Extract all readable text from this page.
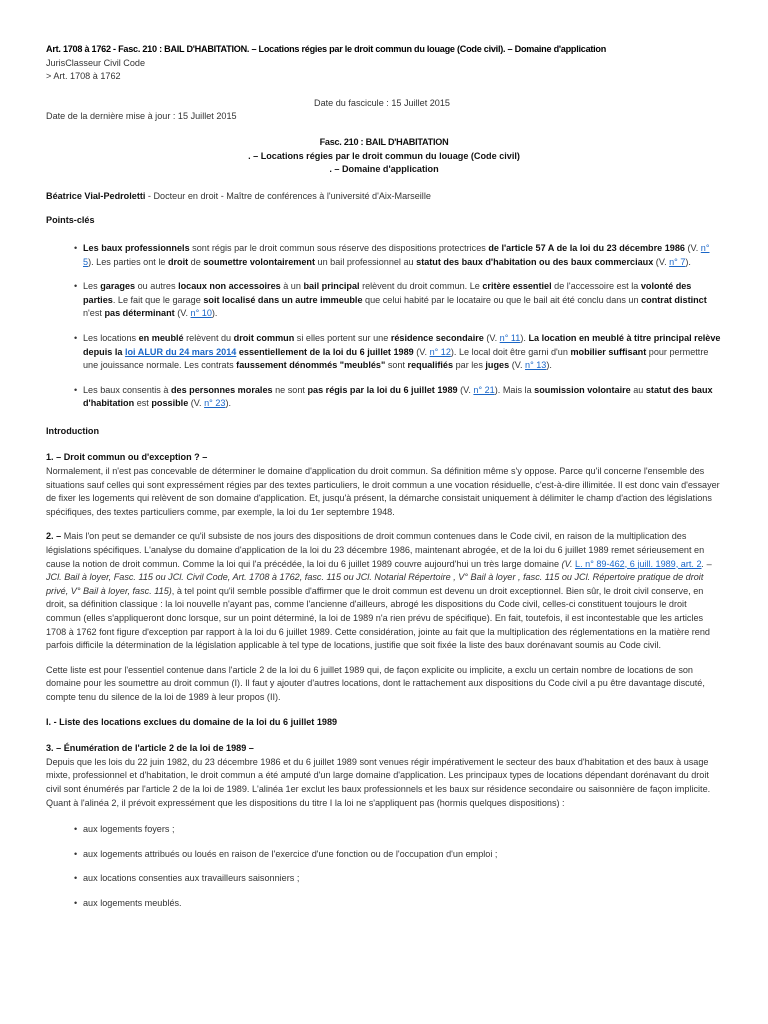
Art. 1708 à 1762 - Fasc. 210 : BAIL D'HABITATION. – Locations régies par le droit commun du louage (Code civil). – Domaine d'application
JurisClasseur Civil Code
> Art. 1708 à 1762
Date du fascicule : 15 Juillet 2015
Date de la dernière mise à jour : 15 Juillet 2015
Fasc. 210 : BAIL D'HABITATION
. – Locations régies par le droit commun du louage (Code civil)
. – Domaine d'application
Béatrice Vial-Pedroletti - Docteur en droit - Maître de conférences à l'université d'Aix-Marseille
Points-clés
• Les baux professionnels sont régis par le droit commun sous réserve des dispositions protectrices de l'article 57 A de la loi du 23 décembre 1986 (V. n° 5). Les parties ont le droit de soumettre volontairement un bail professionnel au statut des baux d'habitation ou des baux commerciaux (V. n° 7).
• Les garages ou autres locaux non accessoires à un bail principal relèvent du droit commun. Le critère essentiel de l'accessoire est la volonté des parties. Le fait que le garage soit localisé dans un autre immeuble que celui habité par le locataire ou que le bail ait été conclu dans un contrat distinct n'est pas déterminant (V. n° 10).
• Les locations en meublé relèvent du droit commun si elles portent sur une résidence secondaire (V. n° 11). La location en meublé à titre principal relève depuis la loi ALUR du 24 mars 2014 essentiellement de la loi du 6 juillet 1989 (V. n° 12). Le local doit être garni d'un mobilier suffisant pour permettre une jouissance normale. Les contrats faussement dénommés "meublés" sont requalifiés par les juges (V. n° 13).
• Les baux consentis à des personnes morales ne sont pas régis par la loi du 6 juillet 1989 (V. n° 21). Mais la soumission volontaire au statut des baux d'habitation est possible (V. n° 23).
Introduction
1. – Droit commun ou d'exception ? –

Normalement, il n'est pas concevable de déterminer le domaine d'application du droit commun. Sa définition même s'y oppose. Parce qu'il concerne l'ensemble des situations sauf celles qui sont expressément régies par des textes particuliers, le droit commun a une vocation résiduelle, c'est-à-dire illimitée. Il est donc vain d'essayer de fixer les logements qui relèvent de son domaine d'application. Et, jusqu'à présent, la démarche consistait uniquement à délimiter le champ d'action des législations spécifiques, des textes particuliers comme, par exemple, la loi du 1er septembre 1948.

2. – Mais l'on peut se demander ce qu'il subsiste de nos jours des dispositions de droit commun contenues dans le Code civil, en raison de la multiplication des législations spécifiques. L'analyse du domaine d'application de la loi du 23 décembre 1986, maintenant abrogée, et de la loi du 6 juillet 1989 remet sérieusement en cause la notion de droit commun. Comme la loi qui l'a précédée, la loi du 6 juillet 1989 couvre aujourd'hui un très large domaine (V. L. n° 89-462, 6 juill. 1989, art. 2. – JCl. Bail à loyer, Fasc. 115 ou JCl. Civil Code, Art. 1708 à 1762, fasc. 115 ou JCl. Notarial Répertoire , V° Bail à loyer , fasc. 115 ou JCl. Répertoire pratique de droit privé, V° Bail à loyer, fasc. 115), à tel point qu'il semble possible d'affirmer que le droit commun est devenu un droit exceptionnel. Bien sûr, le droit civil conserve, en droit, sa définition classique : la loi nouvelle n'ayant pas, comme l'ancienne d'ailleurs, abrogé les dispositions du Code civil, celles-ci constituent toujours le droit commun (elles s'appliqueront donc lorsque, sur un point déterminé, la loi de 1989 n'a rien prévu de spécifique). En fait, toutefois, il est incontestable que les articles 1708 à 1762 font figure d'exception par rapport à la loi du 6 juillet 1989. Cette considération, jointe au fait que la multiplication des réglementations en la matière rend parfois difficile la détermination de la législation applicable à tel type de locations, justifie que soit fixée la liste des baux dorénavant soumis au Code civil.

Cette liste est pour l'essentiel contenue dans l'article 2 de la loi du 6 juillet 1989 qui, de façon explicite ou implicite, a exclu un certain nombre de locations de son domaine pour les soumettre au droit commun (I). Il faut y ajouter d'autres locations, dont le rattachement aux dispositions du Code civil a pu être davantage discuté, compte tenu du silence de la loi de 1989 à leur propos (II).

I. - Liste des locations exclues du domaine de la loi du 6 juillet 1989
3. – Énumération de l'article 2 de la loi de 1989 –

Depuis que les lois du 22 juin 1982, du 23 décembre 1986 et du 6 juillet 1989 sont venues régir impérativement le secteur des baux d'habitation et des baux à usage mixte, professionnel et d'habitation, le droit commun a été amputé d'un large domaine d'application. Les principaux types de locations dépendant dorénavant du droit civil sont énumérés par l'article 2 de la loi de 1989. L'alinéa 1er exclut les baux professionnels et les baux sur résidence secondaire ou saisonnière de façon implicite. Quant à l'alinéa 2, il prévoit expressément que les dispositions du titre I la loi ne s'appliquent pas (hormis quelques dispositions) :

• aux logements foyers ;
• aux logements attribués ou loués en raison de l'exercice d'une fonction ou de l'occupation d'un emploi ;
• aux locations consenties aux travailleurs saisonniers ;
• aux logements meublés.
